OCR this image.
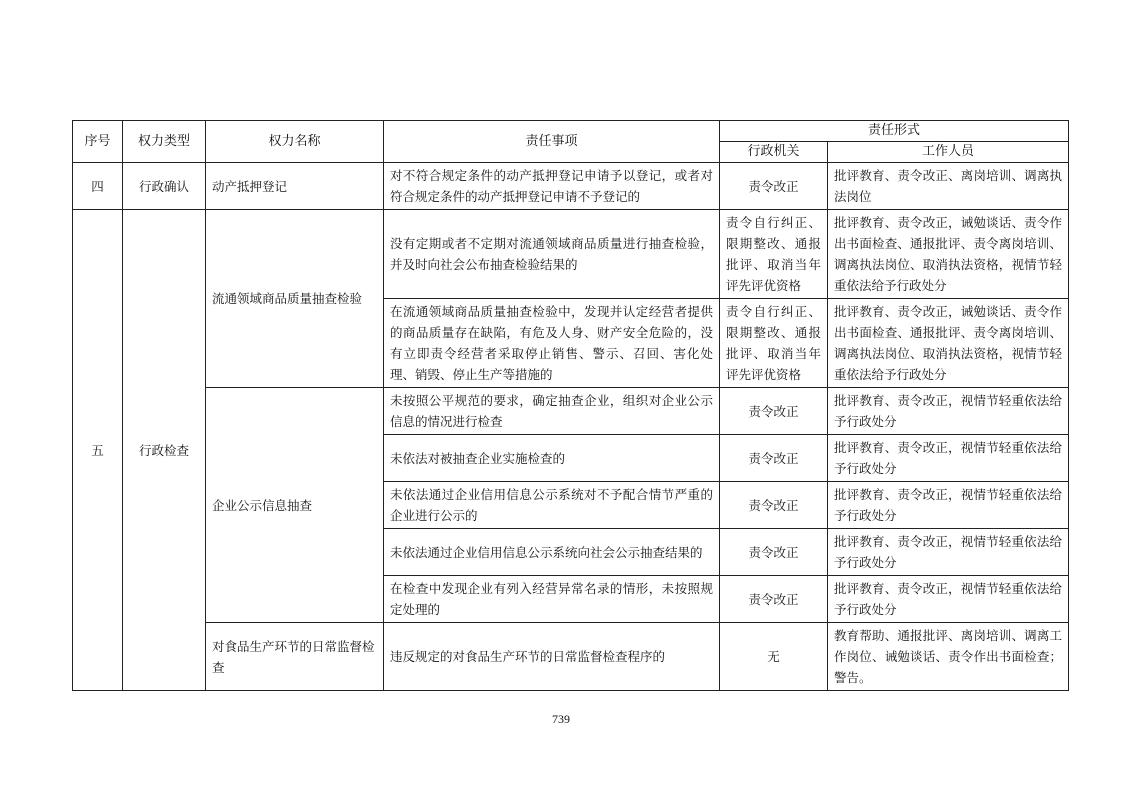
序号	权力类型	权力名称	责任事项	责任形式	
				行政机关	工作人员
四	行政确认	动产抵押登记	对不符合规定条件的动产抵押登记申请予以登记，或者对符合规定条件的动产抵押登记申请不予登记的	责令改正	批评教育、责令改正、离岗培训、调离执法岗位
五	行政检查	流通领域商品质量抽查检验	没有定期或者不定期对流通领域商品质量进行抽查检验，并及时向社会公布抽查检验结果的	责令自行纠正、限期整改、通报批评、取消当年评先评优资格	批评教育、责令改正，诫勉谈话、责令作出书面检查、通报批评、责令离岗培训、调离执法岗位、取消执法资格，视情节轻重依法给予行政处分
			在流通领域商品质量抽查检验中，发现并认定经营者提供的商品质量存在缺陷，有危及人身、财产安全危险的，没有立即责令经营者采取停止销售、警示、召回、害化处理、销毁、停止生产等措施的	责令自行纠正、限期整改、通报批评、取消当年评先评优资格	批评教育、责令改正，诫勉谈话、责令作出书面检查、通报批评、责令离岗培训、调离执法岗位、取消执法资格，视情节轻重依法给予行政处分
		企业公示信息抽查	未按照公平规范的要求，确定抽查企业，组织对企业公示信息的情况进行检查	责令改正	批评教育、责令改正，视情节轻重依法给予行政处分
			未依法对被抽查企业实施检查的	责令改正	批评教育、责令改正，视情节轻重依法给予行政处分
			未依法通过企业信用信息公示系统对不予配合情节严重的企业进行公示的	责令改正	批评教育、责令改正，视情节轻重依法给予行政处分
			未依法通过企业信用信息公示系统向社会公示抽查结果的	责令改正	批评教育、责令改正，视情节轻重依法给予行政处分
			在检查中发现企业有列入经营异常名录的情形，未按照规定处理的	责令改正	批评教育、责令改正，视情节轻重依法给予行政处分
		对食品生产环节的日常监督检查	违反规定的对食品生产环节的日常监督检查程序的	无	教育帮助、通报批评、离岗培训、调离工作岗位、诫勉谈话、责令作出书面检查；警告。
739
